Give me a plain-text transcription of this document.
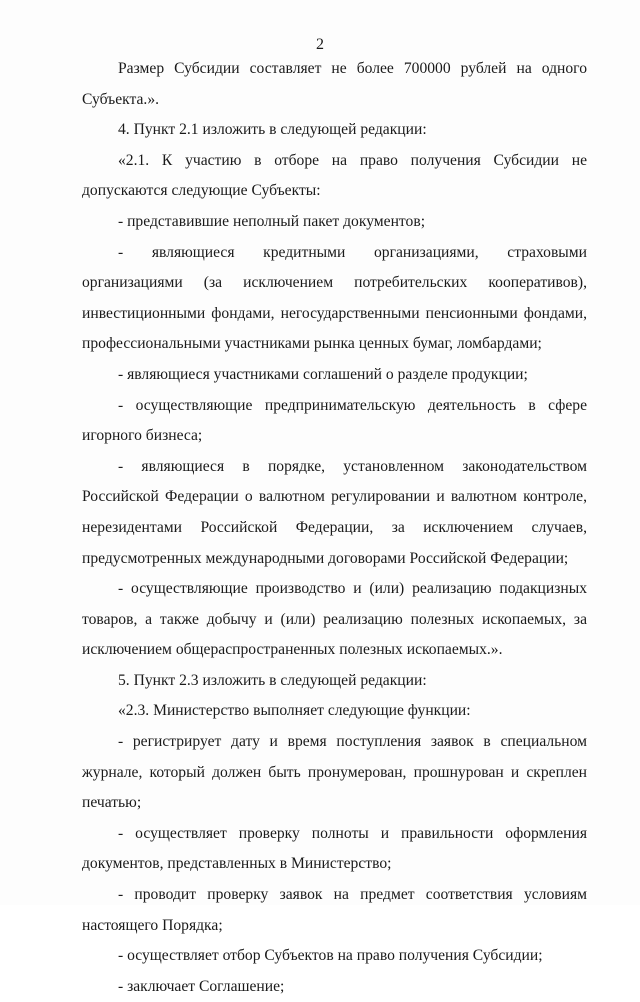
2

Размер Субсидии составляет не более 700000 рублей на одного Субъекта.».

4. Пункт 2.1 изложить в следующей редакции:

«2.1. К участию в отборе на право получения Субсидии не допускаются следующие Субъекты:

- представившие неполный пакет документов;

- являющиеся кредитными организациями, страховыми организациями (за исключением потребительских кооперативов), инвестиционными фондами, негосударственными пенсионными фондами, профессиональными участниками рынка ценных бумаг, ломбардами;

- являющиеся участниками соглашений о разделе продукции;

- осуществляющие предпринимательскую деятельность в сфере игорного бизнеса;

- являющиеся в порядке, установленном законодательством Российской Федерации о валютном регулировании и валютном контроле, нерезидентами Российской Федерации, за исключением случаев, предусмотренных международными договорами Российской Федерации;

- осуществляющие производство и (или) реализацию подакцизных товаров, а также добычу и (или) реализацию полезных ископаемых, за исключением общераспространенных полезных ископаемых.».

5. Пункт 2.3 изложить в следующей редакции:

«2.3. Министерство выполняет следующие функции:

- регистрирует дату и время поступления заявок в специальном журнале, который должен быть пронумерован, прошнурован и скреплен печатью;

- осуществляет проверку полноты и правильности оформления документов, представленных в Министерство;

- проводит проверку заявок на предмет соответствия условиям настоящего Порядка;

- осуществляет отбор Субъектов на право получения Субсидии;

- заключает Соглашение;
